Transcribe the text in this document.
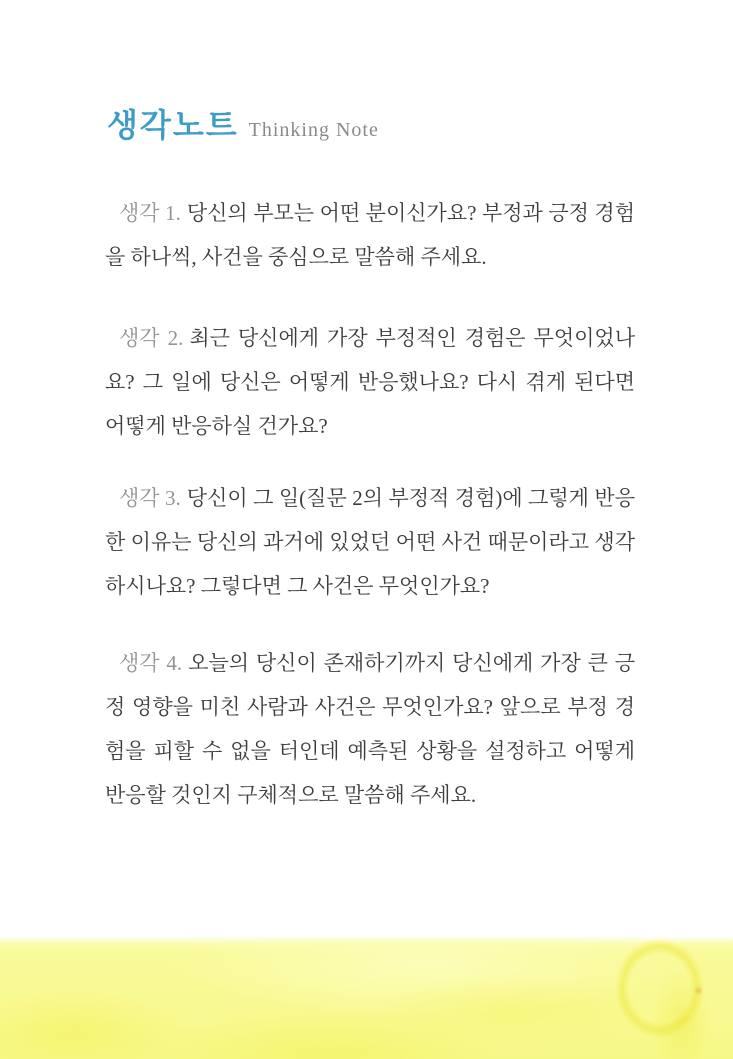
생각노트 Thinking Note

생각 1. 당신의 부모는 어떤 분이신가요? 부정과 긍정 경험을 하나씩, 사건을 중심으로 말씀해 주세요.

생각 2. 최근 당신에게 가장 부정적인 경험은 무엇이었나요? 그 일에 당신은 어떻게 반응했나요? 다시 겪게 된다면 어떻게 반응하실 건가요?

생각 3. 당신이 그 일(질문 2의 부정적 경험)에 그렇게 반응한 이유는 당신의 과거에 있었던 어떤 사건 때문이라고 생각하시나요? 그렇다면 그 사건은 무엇인가요?

생각 4. 오늘의 당신이 존재하기까지 당신에게 가장 큰 긍정 영향을 미친 사람과 사건은 무엇인가요? 앞으로 부정 경험을 피할 수 없을 터인데 예측된 상황을 설정하고 어떻게 반응할 것인지 구체적으로 말씀해 주세요.
